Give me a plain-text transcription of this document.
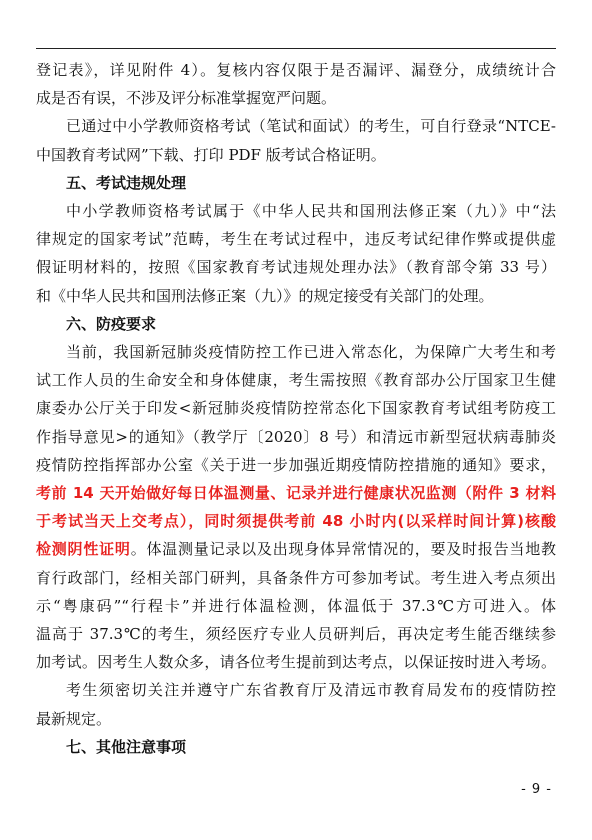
登记表》，详见附件 4）。复核内容仅限于是否漏评、漏登分，成绩统计合
成是否有误，不涉及评分标准掌握宽严问题。
已通过中小学教师资格考试（笔试和面试）的考生，可自行登录“NTCE-
中国教育考试网”下载、打印 PDF 版考试合格证明。
五、考试违规处理
中小学教师资格考试属于《中华人民共和国刑法修正案（九）》中“法
律规定的国家考试”范畴，考生在考试过程中，违反考试纪律作弊或提供虚
假证明材料的，按照《国家教育考试违规处理办法》（教育部令第 33 号）
和《中华人民共和国刑法修正案（九）》的规定接受有关部门的处理。
六、防疫要求
当前，我国新冠肺炎疫情防控工作已进入常态化，为保障广大考生和考
试工作人员的生命安全和身体健康，考生需按照《教育部办公厅国家卫生健
康委办公厅关于印发<新冠肺炎疫情防控常态化下国家教育考试组考防疫工
作指导意见>的通知》（教学厅〔2020〕8 号）和清远市新型冠状病毒肺炎
疫情防控指挥部办公室《关于进一步加强近期疫情防控措施的通知》要求，
考前 14 天开始做好每日体温测量、记录并进行健康状况监测（附件 3 材料
于考试当天上交考点），同时须提供考前 48 小时内(以采样时间计算)核酸
检测阴性证明。体温测量记录以及出现身体异常情况的，要及时报告当地教
育行政部门，经相关部门研判，具备条件方可参加考试。考生进入考点须出
示“粤康码”“行程卡”并进行体温检测，体温低于 37.3℃方可进入。体
温高于 37.3℃的考生，须经医疗专业人员研判后，再决定考生能否继续参
加考试。因考生人数众多，请各位考生提前到达考点，以保证按时进入考场。
考生须密切关注并遵守广东省教育厅及清远市教育局发布的疫情防控
最新规定。
七、其他注意事项
- 9 -
